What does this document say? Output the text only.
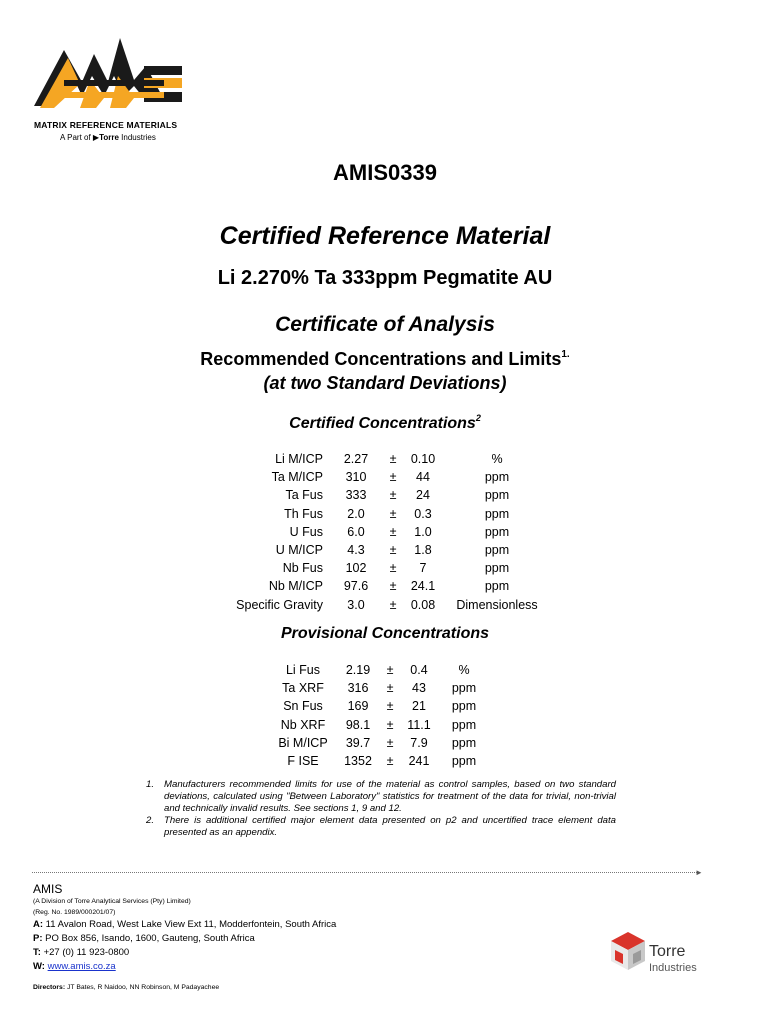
MATRIX REFERENCE MATERIALS
A Part of ▶Torre Industries
AMIS0339
Certified Reference Material
Li 2.270% Ta 333ppm Pegmatite AU
Certificate of Analysis
Recommended Concentrations and Limits$^{1.}$
(at two Standard Deviations)
Certified Concentrations$^2$
Li M/ICP	2.27	±	0.10	%
Ta M/ICP	310	±	44	ppm
Ta Fus	333	±	24	ppm
Th Fus	2.0	±	0.3	ppm
U Fus	6.0	±	1.0	ppm
U M/ICP	4.3	±	1.8	ppm
Nb Fus	102	±	7	ppm
Nb M/ICP	97.6	±	24.1	ppm
Specific Gravity	3.0	±	0.08	Dimensionless
Provisional Concentrations
Li Fus	2.19	±	0.4	%
Ta XRF	316	±	43	ppm
Sn Fus	169	±	21	ppm
Nb XRF	98.1	±	11.1	ppm
Bi M/ICP	39.7	±	7.9	ppm
F ISE	1352	±	241	ppm
1. Manufacturers recommended limits for use of the material as control samples, based on two standard deviations, calculated using "Between Laboratory" statistics for treatment of the data for trivial, non-trivial and technically invalid results. See sections 1, 9 and 12.
2. There is additional certified major element data presented on p2 and uncertified trace element data presented as an appendix.
►
AMIS
(A Division of Torre Analytical Services (Pty) Limited)
(Reg. No. 1989/000201/07)
A: 11 Avalon Road, West Lake View Ext 11, Modderfontein, South Africa
P: PO Box 856, Isando, 1600, Gauteng, South Africa
T: +27 (0) 11 923-0800
W: www.amis.co.za
Directors: JT Bates, R Naidoo, NN Robinson, M Padayachee
Torre
Industries
